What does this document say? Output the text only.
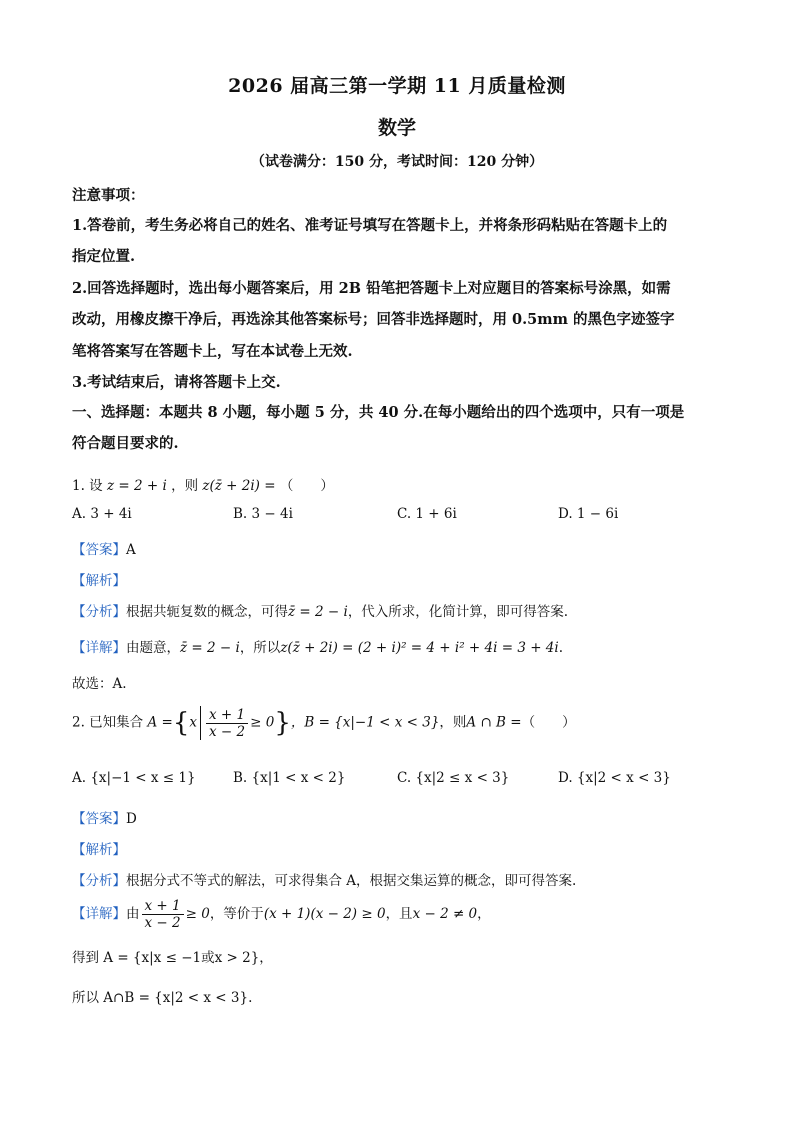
2026 届高三第一学期 11 月质量检测
数学
（试卷满分：150 分，考试时间：120 分钟）
注意事项：
1.答卷前，考生务必将自己的姓名、准考证号填写在答题卡上，并将条形码粘贴在答题卡上的
指定位置.
2.回答选择题时，选出每小题答案后，用 2B 铅笔把答题卡上对应题目的答案标号涂黑，如需
改动，用橡皮擦干净后，再选涂其他答案标号；回答非选择题时，用 0.5mm 的黑色字迹签字
笔将答案写在答题卡上，写在本试卷上无效.
3.考试结束后，请将答题卡上交.
一、选择题：本题共 8 小题，每小题 5 分，共 40 分.在每小题给出的四个选项中，只有一项是
符合题目要求的.
1. 设 z = 2 + i ，则 z(z̄ + 2i) = （　　）
A. 3 + 4i	B. 3 − 4i	C. 1 + 6i	D. 1 − 6i
【答案】A
【解析】
【分析】根据共轭复数的概念，可得z̄ = 2 − i，代入所求，化简计算，即可得答案.
【详解】由题意，z̄ = 2 − i，所以z(z̄ + 2i) = (2 + i)² = 4 + i² + 4i = 3 + 4i.
故选：A.
2. 已知集合 $A =\{x \frac{x + 1}{x - 2} \ge 0\}$，B = {x|−1 < x < 3}，则A ∩ B =（　　）
A. {x|−1 < x ≤ 1}	B. {x|1 < x < 2}	C. {x|2 ≤ x < 3}	D. {x|2 < x < 3}
【答案】D
【解析】
【分析】根据分式不等式的解法，可求得集合 A，根据交集运算的概念，即可得答案.
【详解】由 $\frac{x + 1}{x - 2} \ge 0$，等价于(x + 1)(x − 2) ≥ 0，且x − 2 ≠ 0，
得到 A = {x|x ≤ −1或x > 2}，
所以 A∩B = {x|2 < x < 3}.
